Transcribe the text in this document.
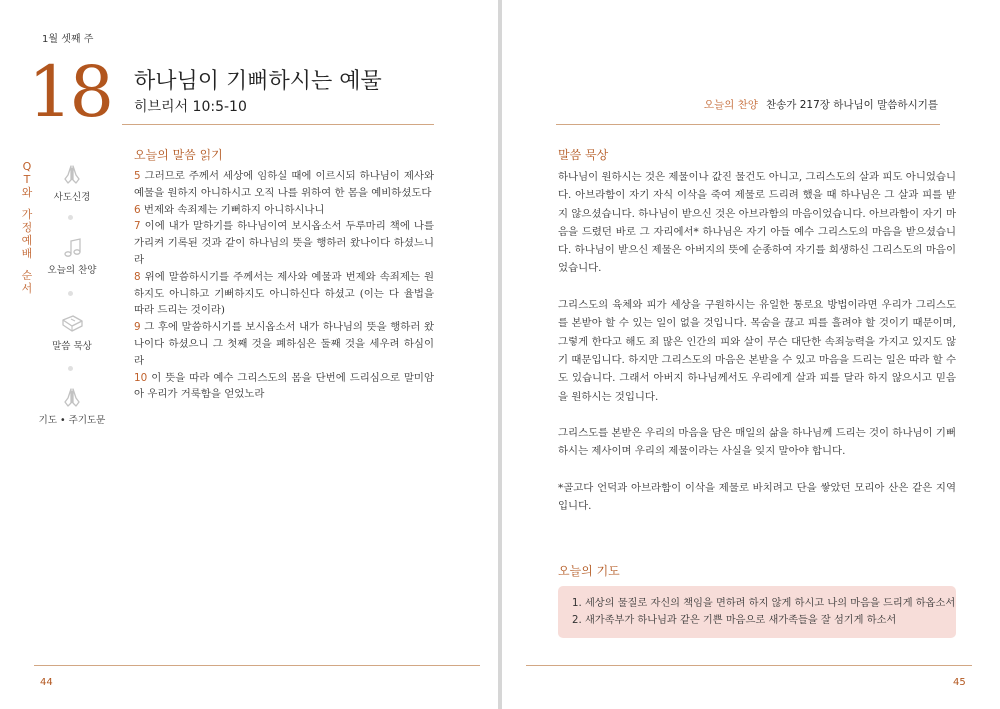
1월 셋째 주
18 하나님이 기뻐하시는 예물
히브리서 10:5-10
Q
T
와
가
정
예
배
순
서
사도신경
오늘의 찬양
말씀 묵상
기도 • 주기도문
오늘의 말씀 읽기

5 그러므로 주께서 세상에 임하실 때에 이르시되 하나님이 제사와 예물을 원하지 아니하시고 오직 나를 위하여 한 몸을 예비하셨도다

6 번제와 속죄제는 기뻐하지 아니하시나니

7 이에 내가 말하기를 하나님이여 보시옵소서 두루마리 책에 나를 가리켜 기록된 것과 같이 하나님의 뜻을 행하러 왔나이다 하셨느니라

8 위에 말씀하시기를 주께서는 제사와 예물과 번제와 속죄제는 원하지도 아니하고 기뻐하지도 아니하신다 하셨고 (이는 다 율법을 따라 드리는 것이라)

9 그 후에 말씀하시기를 보시옵소서 내가 하나님의 뜻을 행하러 왔나이다 하셨으니 그 첫째 것을 폐하심은 둘째 것을 세우려 하심이라

10 이 뜻을 따라 예수 그리스도의 몸을 단번에 드리심으로 말미암아 우리가 거룩함을 얻었노라

44
오늘의 찬양 찬송가 217장 하나님이 말씀하시기를
말씀 묵상

하나님이 원하시는 것은 제물이나 값진 물건도 아니고, 그리스도의 살과 피도 아니었습니다. 아브라함이 자기 자식 이삭을 죽여 제물로 드리려 했을 때 하나님은 그 살과 피를 받지 않으셨습니다. 하나님이 받으신 것은 아브라함의 마음이었습니다. 아브라함이 자기 마음을 드렸던 바로 그 자리에서* 하나님은 자기 아들 예수 그리스도의 마음을 받으셨습니다. 하나님이 받으신 제물은 아버지의 뜻에 순종하여 자기를 희생하신 그리스도의 마음이었습니다.

그리스도의 육체와 피가 세상을 구원하시는 유일한 통로요 방법이라면 우리가 그리스도를 본받아 할 수 있는 일이 없을 것입니다. 목숨을 끊고 피를 흘려야 할 것이기 때문이며, 그렇게 한다고 해도 죄 많은 인간의 피와 살이 무슨 대단한 속죄능력을 가지고 있지도 않기 때문입니다. 하지만 그리스도의 마음은 본받을 수 있고 마음을 드리는 일은 따라 할 수도 있습니다. 그래서 아버지 하나님께서도 우리에게 살과 피를 달라 하지 않으시고 믿음을 원하시는 것입니다.

그리스도를 본받은 우리의 마음을 담은 매일의 삶을 하나님께 드리는 것이 하나님이 기뻐하시는 제사이며 우리의 제물이라는 사실을 잊지 말아야 합니다.

*골고다 언덕과 아브라함이 이삭을 제물로 바치려고 단을 쌓았던 모리아 산은 같은 지역입니다.

오늘의 기도
1. 세상의 물질로 자신의 책임을 면하려 하지 않게 하시고 나의 마음을 드리게 하옵소서
2. 새가족부가 하나님과 같은 기쁜 마음으로 새가족들을 잘 섬기게 하소서
45
